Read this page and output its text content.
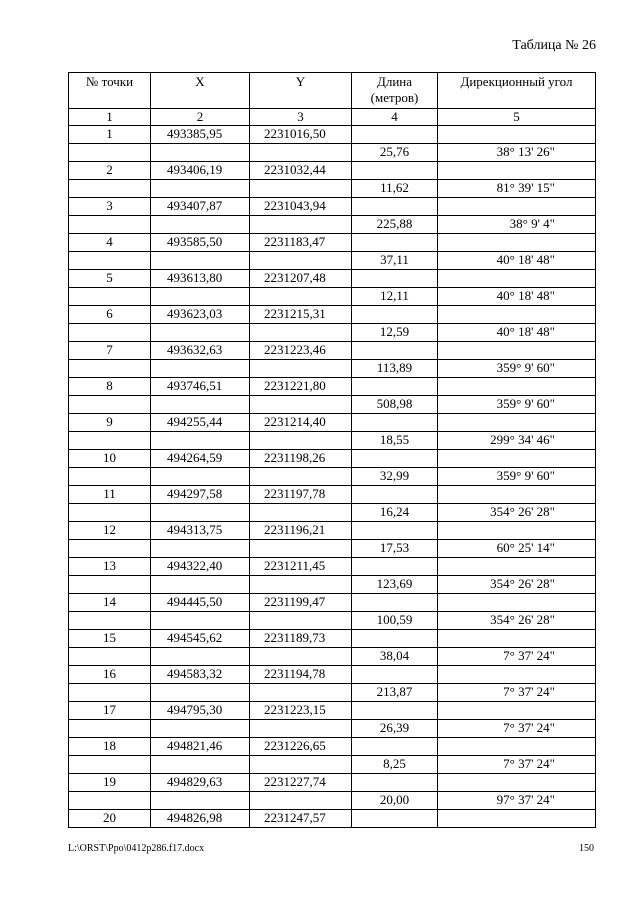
Таблица № 26
№ точки	X	Y	Длина (метров)	Дирекционный угол
1	2	3	4	5
1	493385,95	2231016,50		
			25,76	38° 13' 26"
2	493406,19	2231032,44		
			11,62	81° 39' 15"
3	493407,87	2231043,94		
			225,88	38° 9' 4"
4	493585,50	2231183,47		
			37,11	40° 18' 48"
5	493613,80	2231207,48		
			12,11	40° 18' 48"
6	493623,03	2231215,31		
			12,59	40° 18' 48"
7	493632,63	2231223,46		
			113,89	359° 9' 60"
8	493746,51	2231221,80		
			508,98	359° 9' 60"
9	494255,44	2231214,40		
			18,55	299° 34' 46"
10	494264,59	2231198,26		
			32,99	359° 9' 60"
11	494297,58	2231197,78		
			16,24	354° 26' 28"
12	494313,75	2231196,21		
			17,53	60° 25' 14"
13	494322,40	2231211,45		
			123,69	354° 26' 28"
14	494445,50	2231199,47		
			100,59	354° 26' 28"
15	494545,62	2231189,73		
			38,04	7° 37' 24"
16	494583,32	2231194,78		
			213,87	7° 37' 24"
17	494795,30	2231223,15		
			26,39	7° 37' 24"
18	494821,46	2231226,65		
			8,25	7° 37' 24"
19	494829,63	2231227,74		
			20,00	97° 37' 24"
20	494826,98	2231247,57		
L:\ORST\Ppo\0412p286.f17.docx	150
